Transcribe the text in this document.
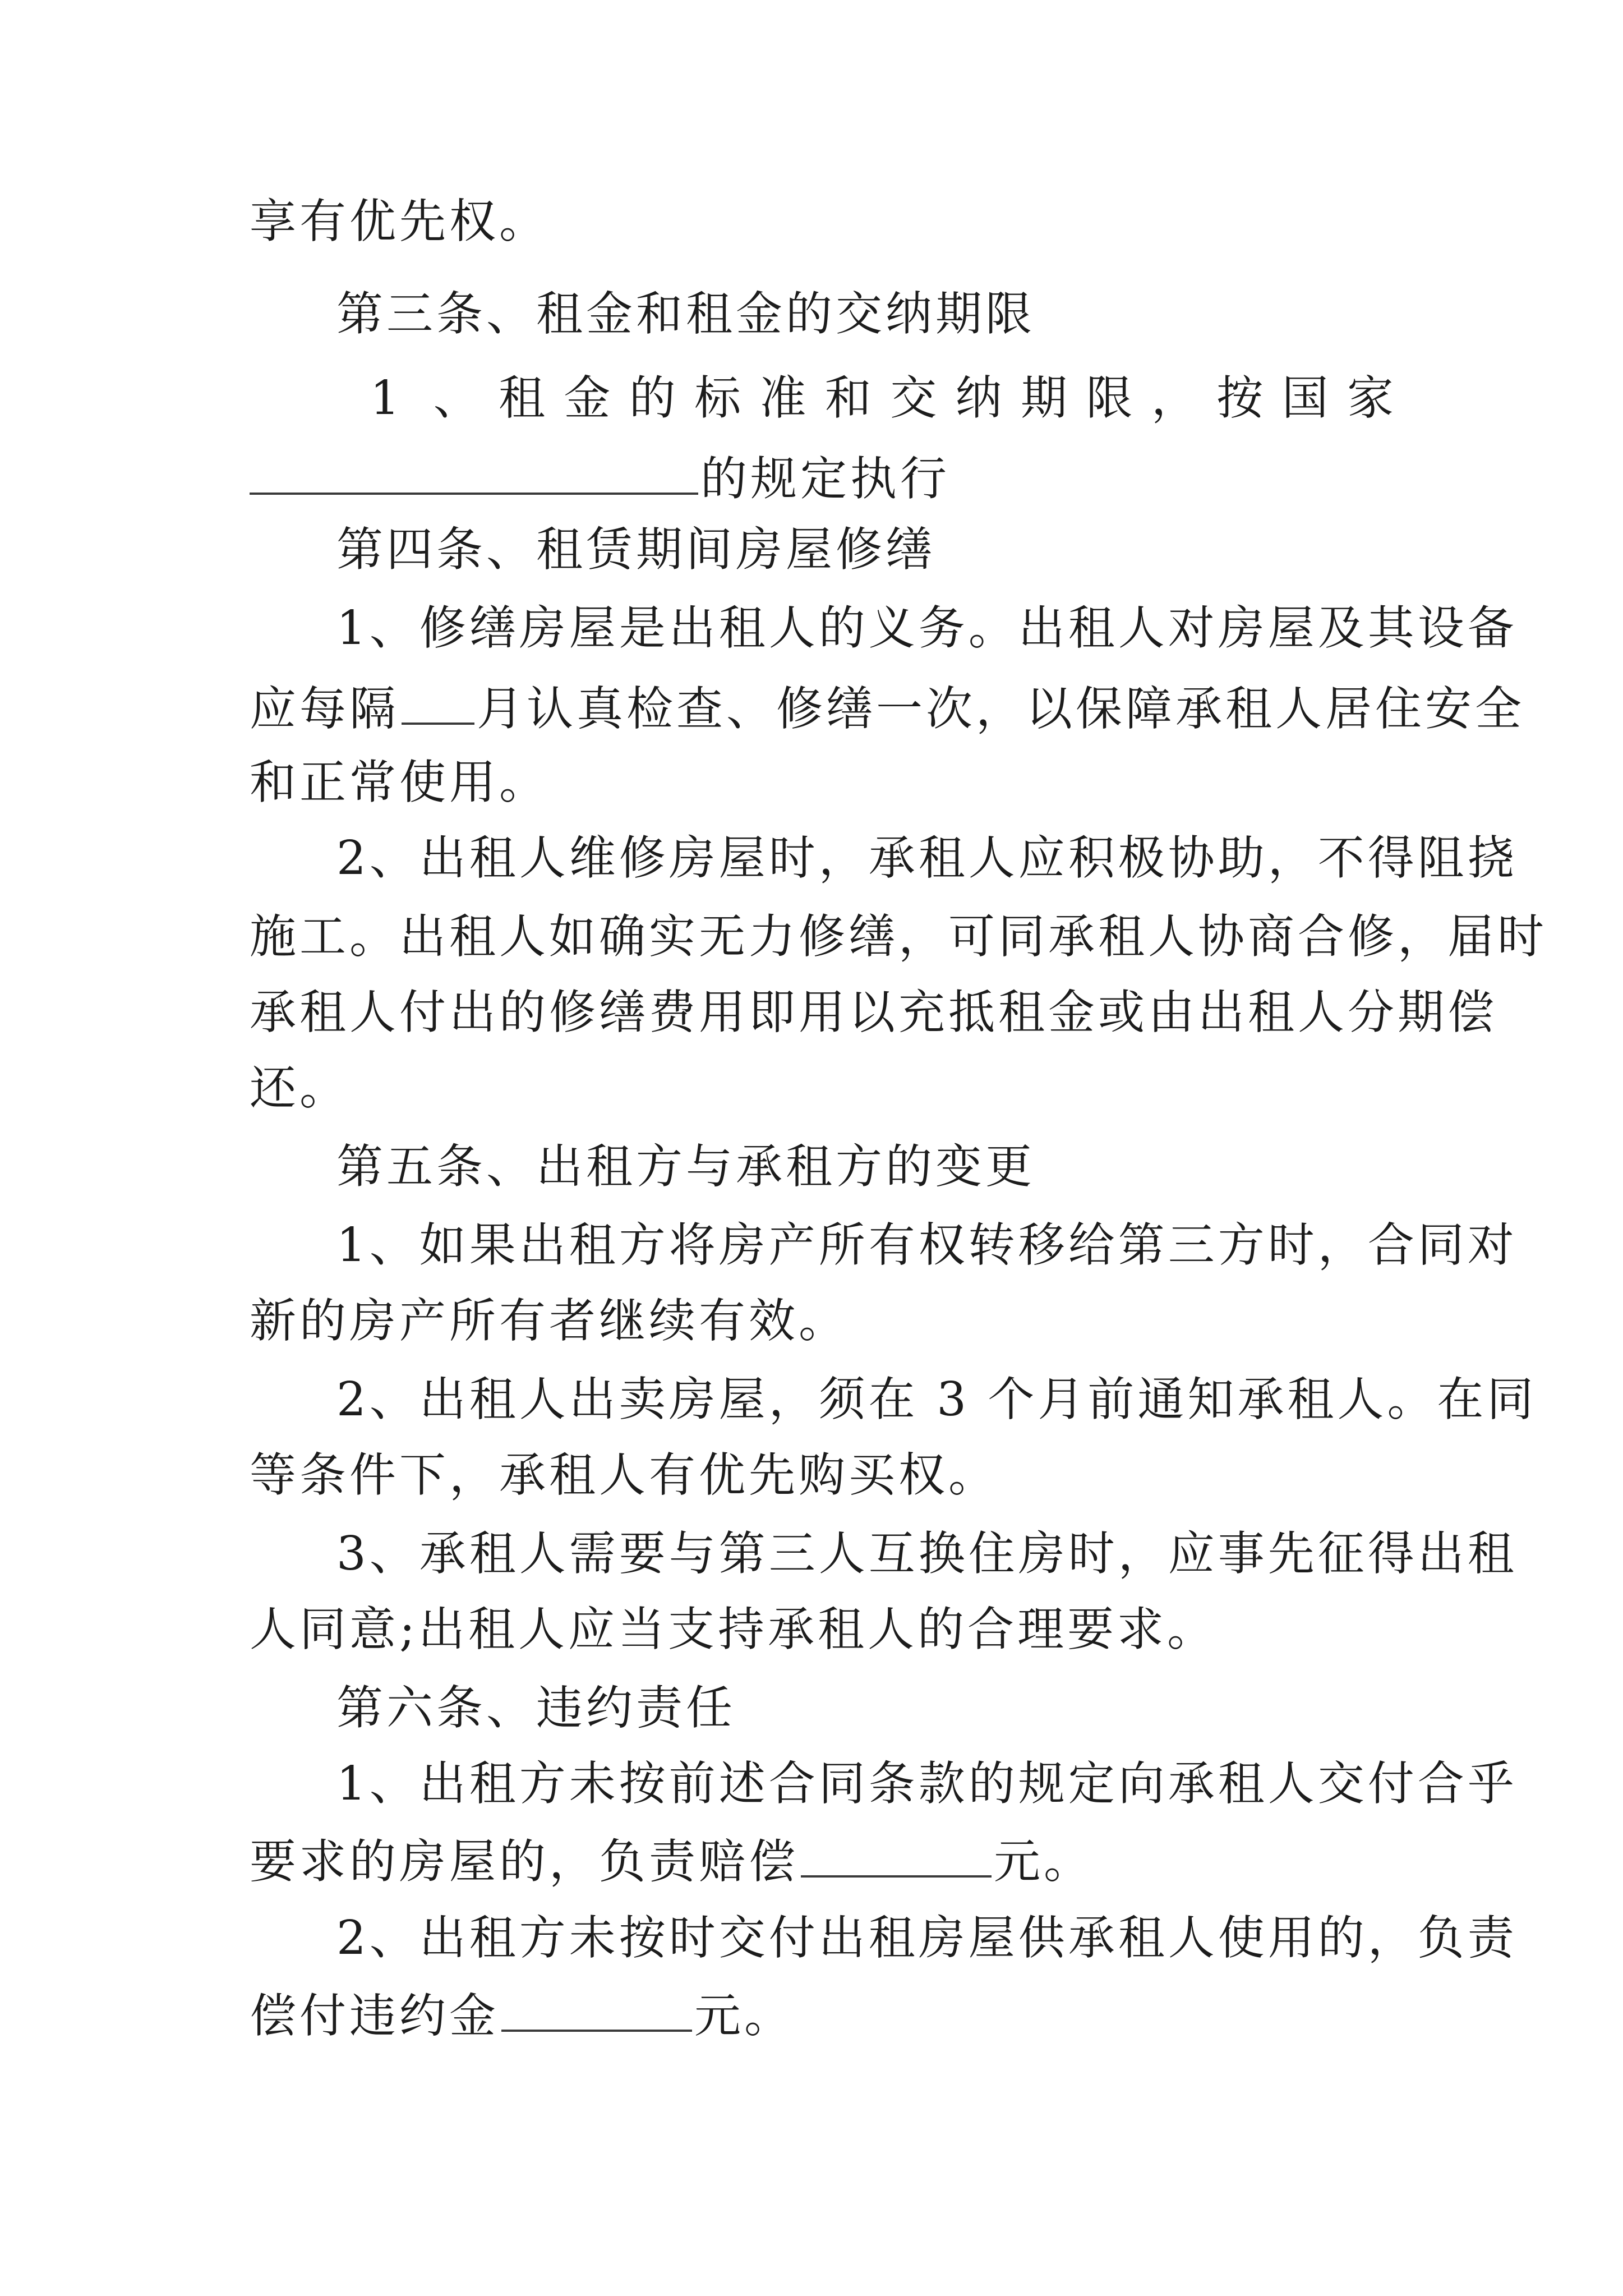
享有优先权。
第三条、租金和租金的交纳期限
1 、租金的标准和交纳期限，按国家
的规定执行
第四条、租赁期间房屋修缮
1、修缮房屋是出租人的义务。出租人对房屋及其设备
应每隔 月认真检查、修缮一次，以保障承租人居住安全
和正常使用。
2、出租人维修房屋时，承租人应积极协助，不得阻挠
施工。出租人如确实无力修缮，可同承租人协商合修，届时
承租人付出的修缮费用即用以充抵租金或由出租人分期偿
还。
第五条、出租方与承租方的变更
1、如果出租方将房产所有权转移给第三方时，合同对
新的房产所有者继续有效。
2、出租人出卖房屋，须在 3 个月前通知承租人。在同
等条件下，承租人有优先购买权。
3、承租人需要与第三人互换住房时，应事先征得出租
人同意;出租人应当支持承租人的合理要求。
第六条、违约责任
1、出租方未按前述合同条款的规定向承租人交付合乎
要求的房屋的，负责赔偿	元。
2、出租方未按时交付出租房屋供承租人使用的，负责
偿付违约金	元。
